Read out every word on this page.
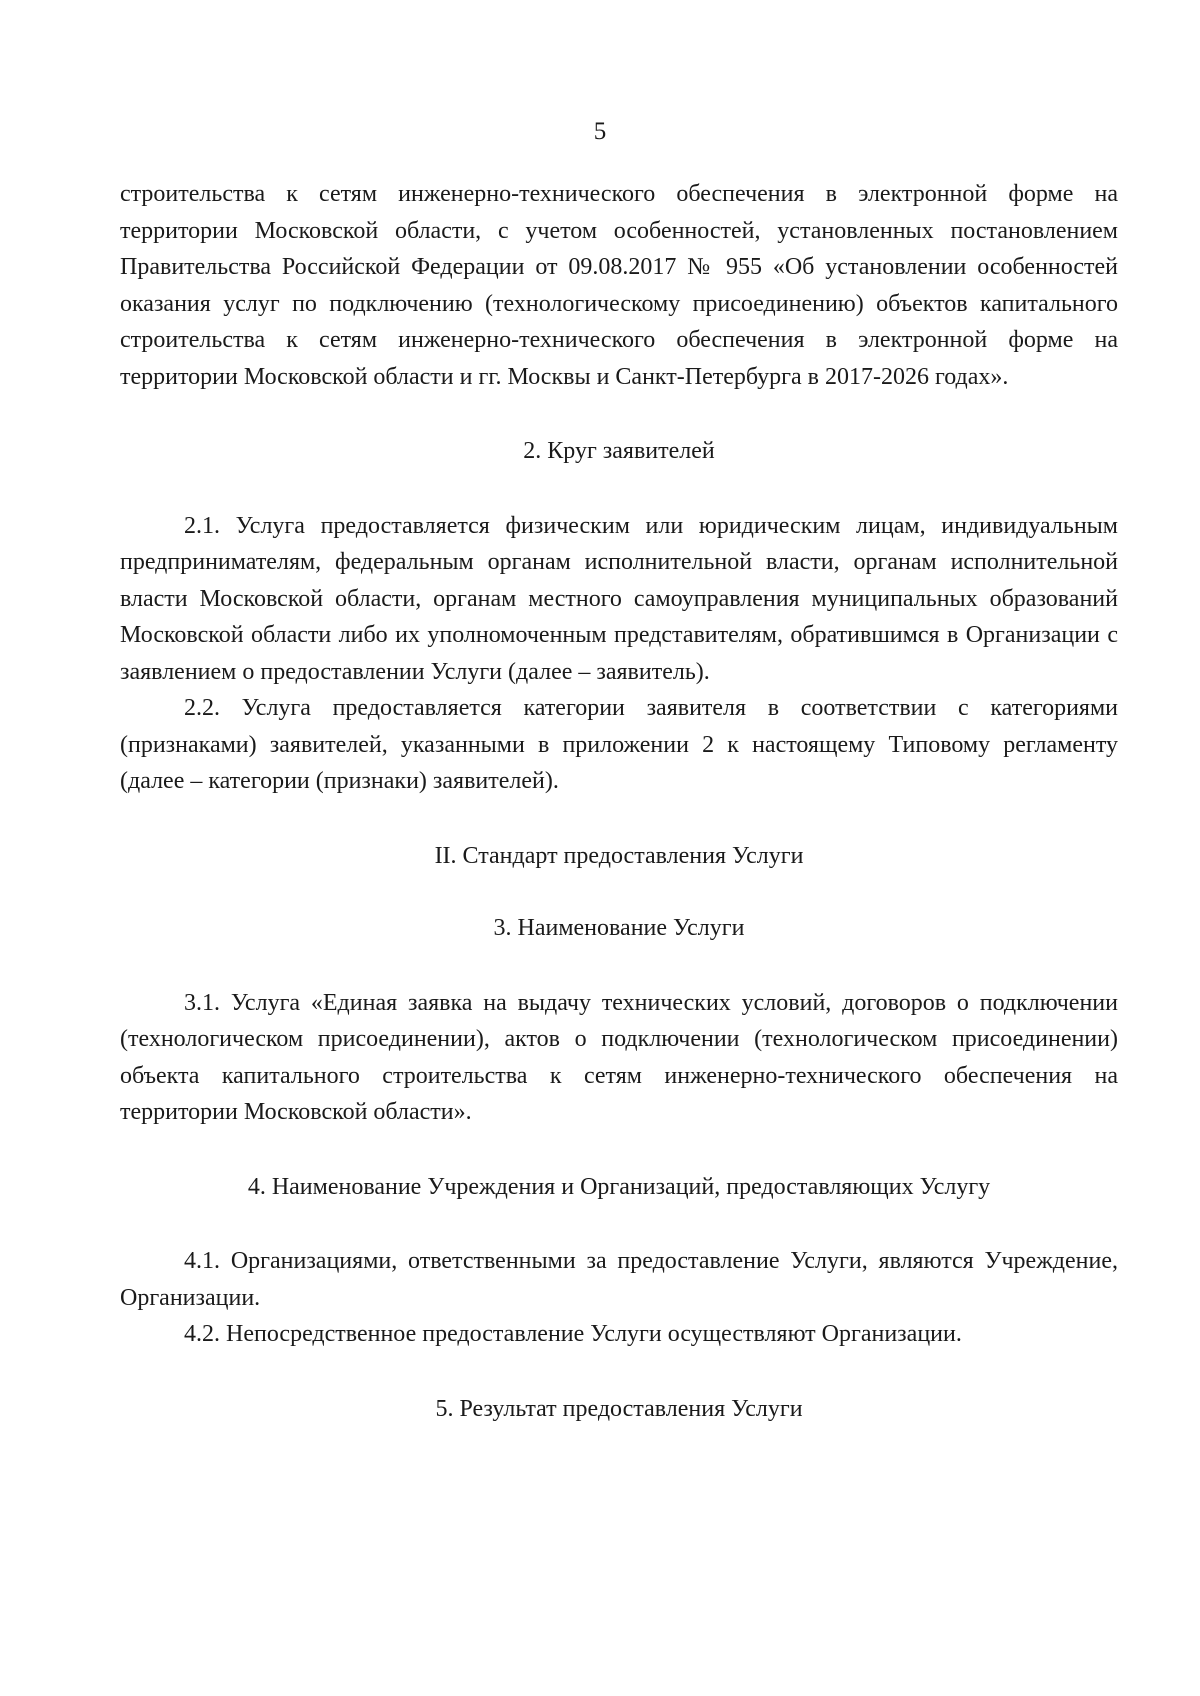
5

строительства к сетям инженерно-технического обеспечения в электронной форме на территории Московской области, с учетом особенностей, установленных постановлением Правительства Российской Федерации от 09.08.2017 № 955 «Об установлении особенностей оказания услуг по подключению (технологическому присоединению) объектов капитального строительства к сетям инженерно-технического обеспечения в электронной форме на территории Московской области и гг. Москвы и Санкт-Петербурга в 2017-2026 годах».

2. Круг заявителей

2.1. Услуга предоставляется физическим или юридическим лицам, индивидуальным предпринимателям, федеральным органам исполнительной власти, органам исполнительной власти Московской области, органам местного самоуправления муниципальных образований Московской области либо их уполномоченным представителям, обратившимся в Организации с заявлением о предоставлении Услуги (далее – заявитель).

2.2. Услуга предоставляется категории заявителя в соответствии с категориями (признаками) заявителей, указанными в приложении 2 к настоящему Типовому регламенту (далее – категории (признаки) заявителей).

II. Стандарт предоставления Услуги

3. Наименование Услуги

3.1. Услуга «Единая заявка на выдачу технических условий, договоров о подключении (технологическом присоединении), актов о подключении (технологическом присоединении) объекта капитального строительства к сетям инженерно-технического обеспечения на территории Московской области».

4. Наименование Учреждения и Организаций, предоставляющих Услугу

4.1. Организациями, ответственными за предоставление Услуги, являются Учреждение, Организации.

4.2. Непосредственное предоставление Услуги осуществляют Организации.

5. Результат предоставления Услуги
